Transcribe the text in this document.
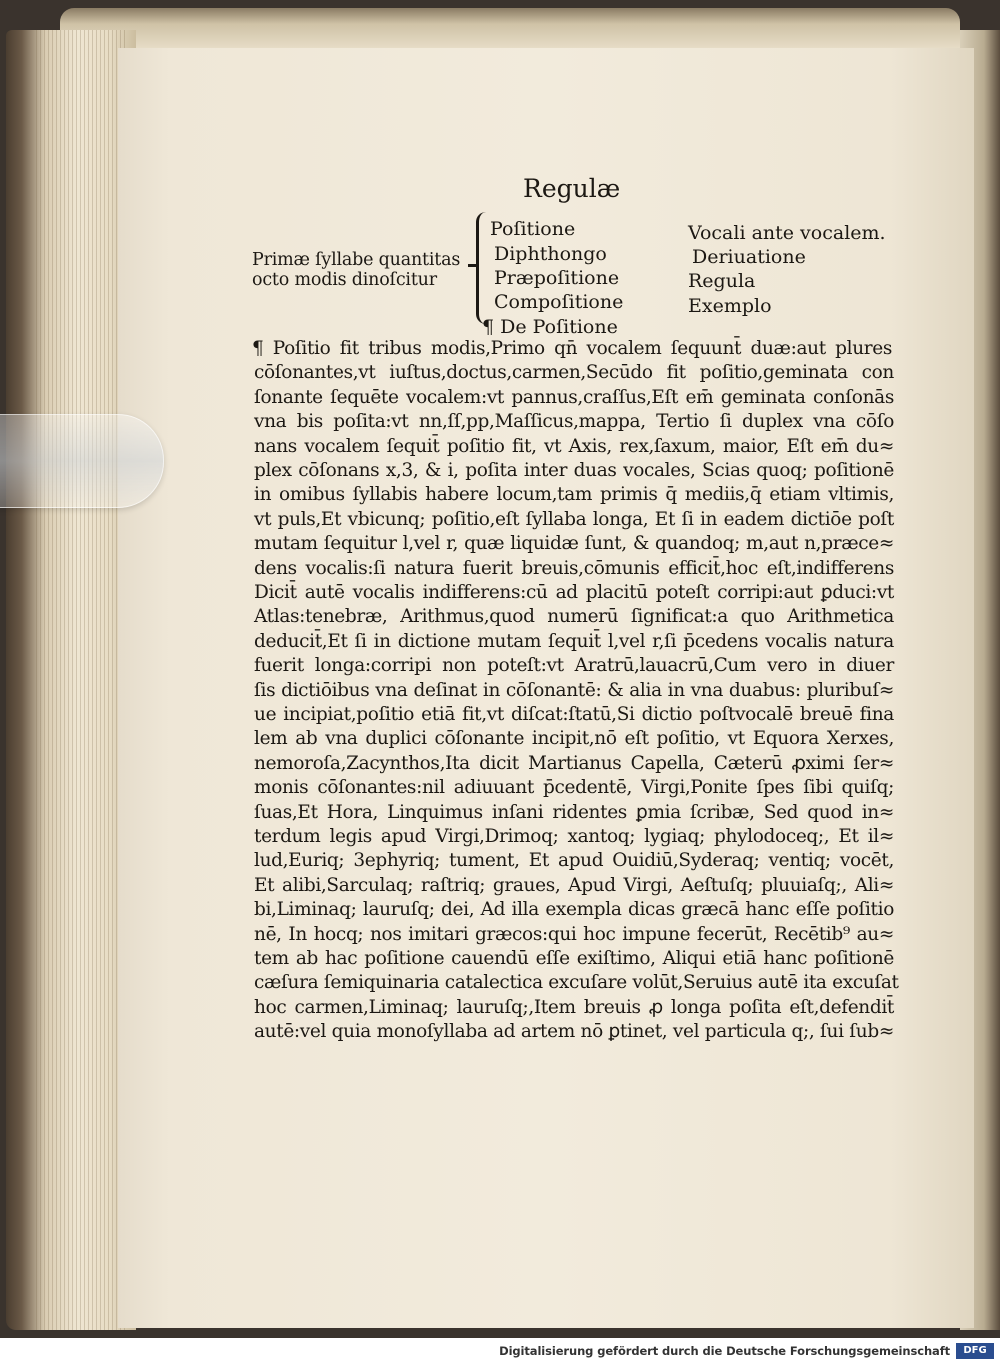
Regulæ
Primæ ſyllabe quantitas
octo modis dinoſcitur
Poſitione
Diphthongo
Præpoſitione
Compoſitione
¶ De Poſitione
Vocali ante vocalem.
Deriuatione
Regula
Exemplo
¶ Poſitio fit tribus modis,Primo qn̄ vocalem ſequunt̄ duæ:aut plures
cōſonantes,vt iuſtus,doctus,carmen,Secūdo fit poſitio,geminata con
ſonante ſequēte vocalem:vt pannus,craſſus,Eſt em̄ geminata conſonās
vna bis poſita:vt nn,ſſ,pp,Maſſicus,mappa, Tertio ſi duplex vna cōſo
nans vocalem ſequit̄ poſitio fit, vt Axis, rex,ſaxum, maior, Eſt em̄ du≈
plex cōſonans x,3, & i, poſita inter duas vocales, Scias quoq; poſitionē
in omibus ſyllabis habere locum,tam primis q̄ mediis,q̄ etiam vltimis,
vt puls,Et vbicunq; poſitio,eſt ſyllaba longa, Et ſi in eadem dictiōe poſt
mutam ſequitur l,vel r, quæ liquidæ ſunt, & quandoq; m,aut n,præce≈
dens vocalis:ſi natura fuerit breuis,cōmunis efficit̄,hoc eſt,indifferens
Dicit̄ autē vocalis indifferens:cū ad placitū poteſt corripi:aut ꝑduci:vt
Atlas:tenebræ, Arithmus,quod numerū ſignificat:a quo Arithmetica
deducit̄,Et ſi in dictione mutam ſequit̄ l,vel r,ſi p̄cedens vocalis natura
fuerit longa:corripi non poteſt:vt Aratrū,lauacrū,Cum vero in diuer
ſis dictiōibus vna deſinat in cōſonantē: & alia in vna duabus: pluribuſ≈
ue incipiat,poſitio etiā fit,vt diſcat:ſtatū,Si dictio poſtvocalē breuē fina
lem ab vna duplici cōſonante incipit,nō eſt poſitio, vt Equora Xerxes,
nemoroſa,Zacynthos,Ita dicit Martianus Capella, Cæterū ꝓximi ſer≈
monis cōſonantes:nil adiuuant p̄cedentē, Virgi,Ponite ſpes ſibi quiſq;
ſuas,Et Hora, Linquimus inſani ridentes ꝑmia ſcribæ, Sed quod in≈
terdum legis apud Virgi,Drimoq; xantoq; lygiaq; phylodoceq;, Et il≈
lud,Euriq; 3ephyriq; tument, Et apud Ouidiū,Syderaq; ventiq; vocēt,
Et alibi,Sarculaq; raſtriq; graues, Apud Virgi, Aeſtuſq; pluuiaſq;, Ali≈
bi,Liminaq; lauruſq; dei, Ad illa exempla dicas græcā hanc eſſe poſitio
nē, In hocq; nos imitari græcos:qui hoc impune fecerūt, Recētib⁹ au≈
tem ab hac poſitione cauendū eſſe exiſtimo, Aliqui etiā hanc poſitionē
cæſura ſemiquinaria catalectica excuſare volūt,Seruius autē ita excuſat
hoc carmen,Liminaq; lauruſq;,Item breuis ꝓ longa poſita eſt,defendit̄
autē:vel quia monoſyllaba ad artem nō ꝑtinet, vel particula q;, ſui ſub≈
Digitalisierung gefördert durch die Deutsche Forschungsgemeinschaft	DFG
